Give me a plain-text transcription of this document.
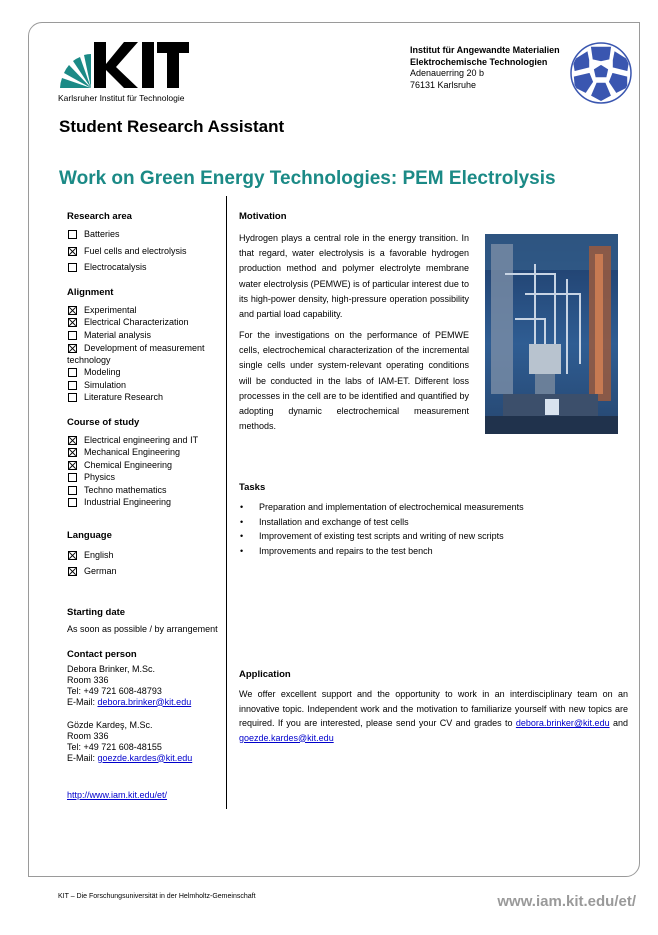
Karlsruher Institut für Technologie
Institut für Angewandte Materialien
Elektrochemische Technologien
Adenauerring 20 b
76131 Karlsruhe
Student Research Assistant
Work on Green Energy Technologies: PEM Electrolysis
Research area
Batteries
Fuel cells and electrolysis
Electrocatalysis
Alignment
Experimental
Electrical Characterization
Material analysis
Development of measurement technology
Modeling
Simulation
Literature Research
Course of study
Electrical engineering and IT
Mechanical Engineering
Chemical Engineering
Physics
Techno mathematics
Industrial Engineering
Language
English
German
Starting date
As soon as possible / by arrangement
Contact person
Debora Brinker, M.Sc.
Room 336
Tel: +49 721 608-48793
E-Mail: debora.brinker@kit.edu
Gözde Kardeş, M.Sc.
Room 336
Tel: +49 721 608-48155
E-Mail: goezde.kardes@kit.edu
http://www.iam.kit.edu/et/
Motivation
Hydrogen plays a central role in the energy transition. In that regard, water electrolysis is a favorable hydrogen production method and polymer electrolyte membrane water electrolysis (PEMWE) is of particular interest due to its high-power density, high-pressure operation possibility and partial load capability.
For the investigations on the performance of PEMWE cells, electrochemical characterization of the incremental single cells under system-relevant operating conditions will be conducted in the labs of IAM-ET. Different loss processes in the cell are to be identified and quantified by adopting dynamic electrochemical measurement methods.
Tasks
• Preparation and implementation of electrochemical measurements
• Installation and exchange of test cells
• Improvement of existing test scripts and writing of new scripts
• Improvements and repairs to the test bench
Application
We offer excellent support and the opportunity to work in an interdisciplinary team on an innovative topic. Independent work and the motivation to familiarize yourself with new topics are required. If you are interested, please send your CV and grades to debora.brinker@kit.edu and goezde.kardes@kit.edu
KIT – Die Forschungsuniversität in der Helmholtz-Gemeinschaft	www.iam.kit.edu/et/
